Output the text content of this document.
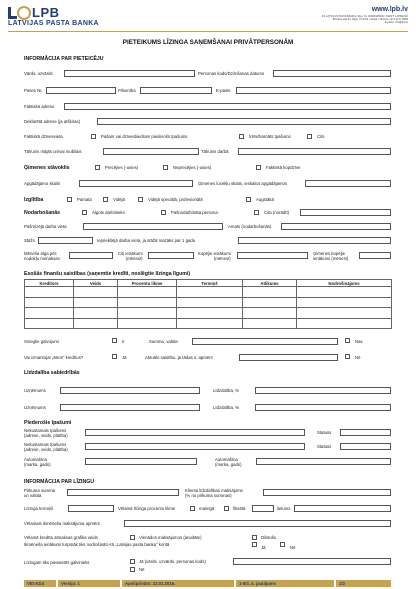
LPB
LATVIJAS PASTA BANKA
www.lpb.lv
AS LATVIJAS PASTA BANKA | Reģ. Nr. 40003105691 | SWIFT: LAPBLV2X
Brīvības iela 54, Rīga, LV-1011, Latvija | Tālrunis +371 6777 9999
E-pasts: info@lpb.lv
PIETEIKUMS LĪZINGA SAŅEMŠANAI PRIVĀTPERSONĀM
INFORMĀCIJA PAR PIETEICĒJU
Vārds, uzvārds	Personas kods/Dzimšanas datums
Pases Nr.	Pilsonība	E-pasts
Faktiskā adrese
Deklarētā adrese (ja atšķiras)
Faktiskā dzīvesvieta	Pašam vai dzīvesbiedram piederošs īpašums	Īrēts/Nomāts īpašums	Cits
Tālrunis mājās un/vai mobilais	Tālrunis darbā
Ģimenes stāvoklis	Precējies (-usies)	Neprecējies (-usies)	Faktiskā kopdzīve
Apgādājamo skaits	Ģimenes locekļu skaits, ieskaitot apgādājamos
Izglītība	Pamata	Vidējā	Vidējā speciālā, profesionālā	Augstākā
Nodarbošanās	Algots darbinieks	Pašnodarbināta persona	Cita (norādīt)
Pašreizējā darba vieta	Amats (nodarbošanās)
Stāžs	Iepriekšējā darba vieta, ja stāžā mazāks par 1 gadu
Mēneša alga pēc
nodokļu nomaksas
Citi ienākumi
(mēnesī)
Kopējie ienākumi
(mēnesī)
Ģimenes kopējie
ienākumi (mēnesī)
Esošās finanšu saistības (saņemtie kredīti, noslēgtie līzinga līgumi)
Kreditors	Veids	Procentu likme	Termiņš	Atlikums	Nodrošinājums

Sniegtie galvojumi	Ir	Summa, valūta	Nav
Vai izmantojat „ātros" kredītus?	Jā	Aktuālo saistību, ja tādas ir, apmērs	Nē
Līdzdalība sabiedrībās
Uzņēmums	Līdzdalība, %
Uzņēmums	Līdzdalība, %
Piederošie īpašumi
Nekustamais īpašums
(adrese, veids, platība)
Statuss
Nekustamais īpašums
(adrese, veids, platība)
Statuss
Automašīna
(marka, gads)
Automašīna
(marka, gads)
INFORMĀCIJA PAR LĪZINGU
Pirkuma summa
un valūta
Klienta līdzdalības maksājums
(% no pirkuma summas)
Līzinga termiņš	Vēlamā līzinga procentu likme	mainīgā	fiksētā	lielums
Vēlamais ikmēneša maksājuma apmērs
Vēlamā kredīta atmaksas grafika veids	Vienādos maksājumos (anuitāte)	Dilstošs
Ikmēneša ienākumi turpmāk tiks nodrošināti AS „Latvijas pasta banka" kontā
Jā	Nē
Līzingam tiks piesaistīts galvinieks	Jā (vārds, uzvārds, personas kods)
Nē
VEt KD4	Versija: 1	Apstiprināts: 22.01.2015.	1-5/3, 4. jautājums	1/2
